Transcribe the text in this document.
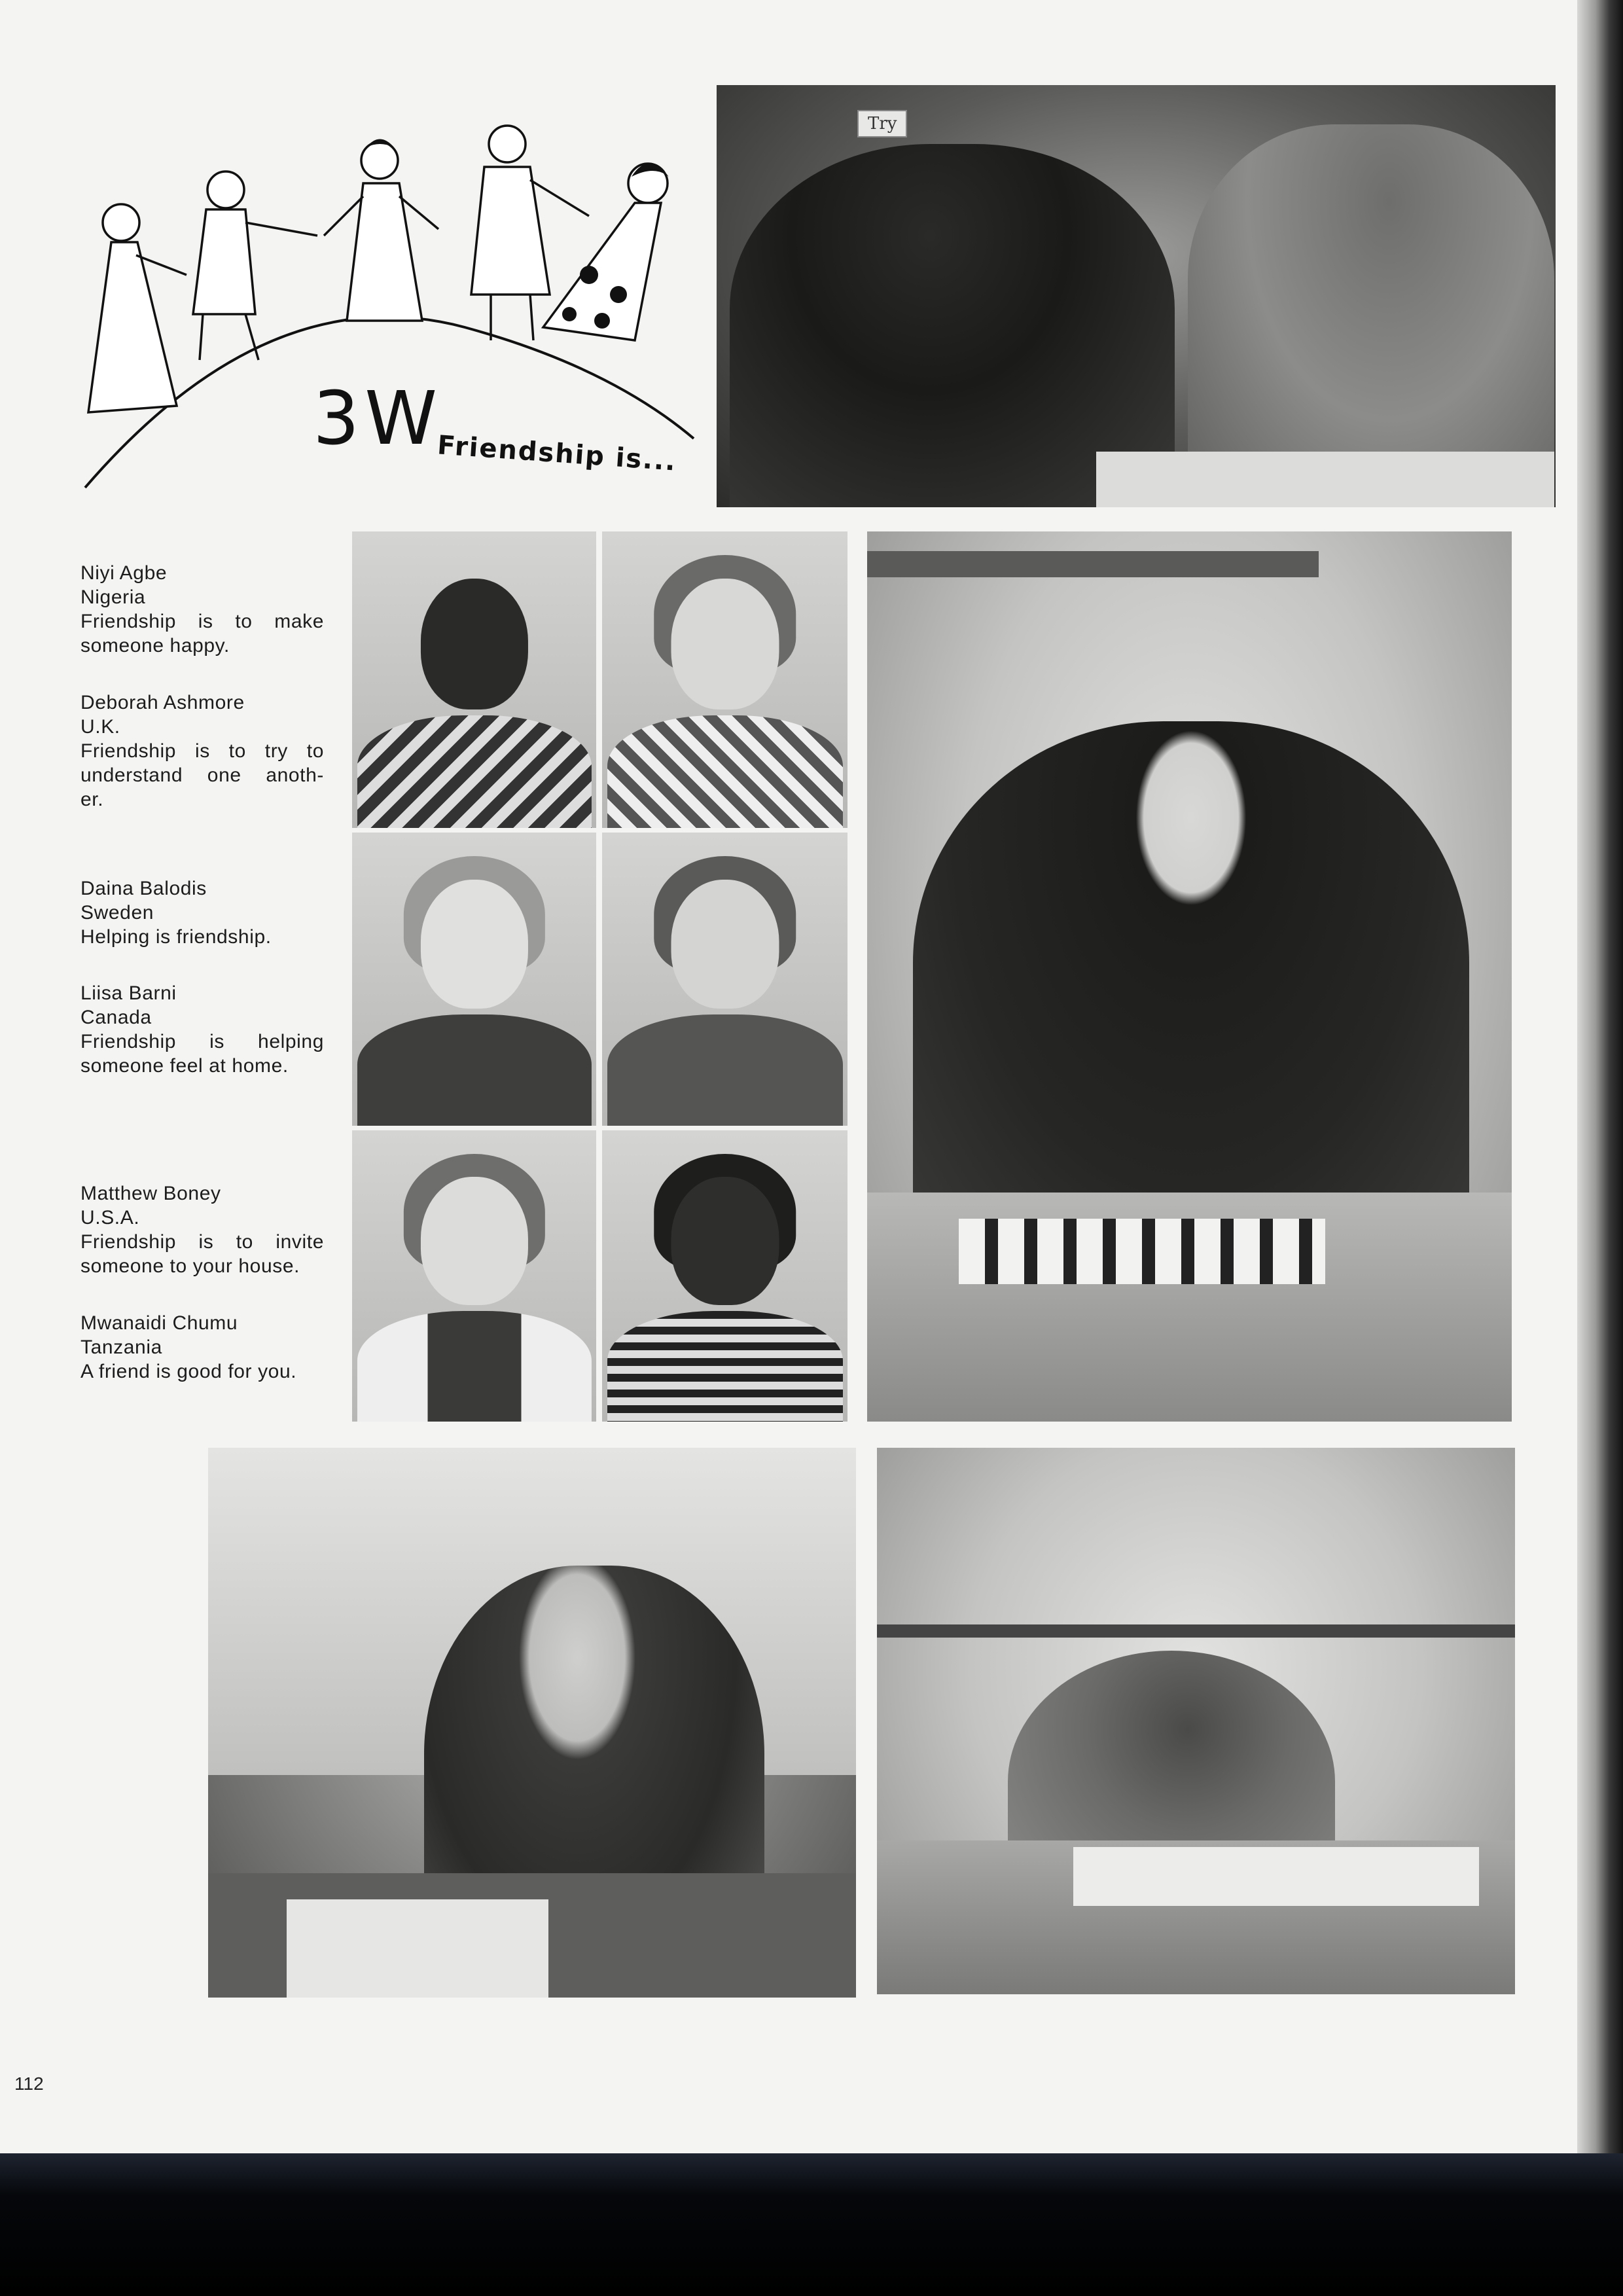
3W
Friendship is...
Try

Niyi Agbe

Nigeria

Friendship is to make

someone happy.

Deborah Ashmore

U.K.

Friendship is to try to

understand one anoth-

er.

Daina Balodis

Sweden

Helping is friendship.

Liisa Barni

Canada

Friendship is helping

someone feel at home.

Matthew Boney

U.S.A.

Friendship is to invite

someone to your house.

Mwanaidi Chumu

Tanzania

A friend is good for you.

112
